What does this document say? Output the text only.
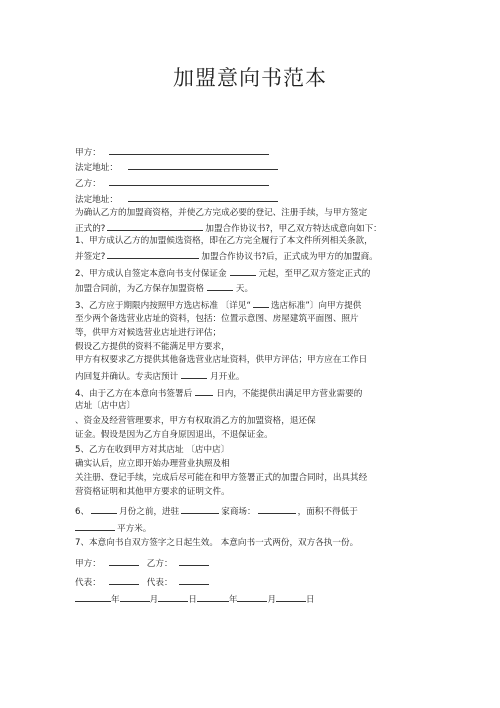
加盟意向书范本
甲方：
法定地址：
乙方：
法定地址：
为确认乙方的加盟商资格，并使乙方完成必要的登记、注册手续，与甲方签定
正式的?	加盟合作协议书?，甲乙双方特达成意向如下：
1、甲方成认乙方的加盟候选资格，即在乙方完全履行了本文件所列相关条款，
并签定?	加盟合作协议书?后，正式成为甲方的加盟商。
2、甲方成认自签定本意向书支付保证金	元起，至甲乙双方签定正式的
加盟合同前，为乙方保存加盟资格	天。
3、乙方应于期限内按照甲方选店标准 〔详见“ 选店标准”〕向甲方提供
至少两个备选营业店址的资料，包括：位置示意图、房屋建筑平面图、照片
等，供甲方对候选营业店址进行评估；
假设乙方提供的资料不能满足甲方要求，
甲方有权要求乙方提供其他备选营业店址资料，供甲方评估；甲方应在工作日
内回复并确认。专卖店预计	月开业。
4、由于乙方在本意向书签署后	日内，不能提供出满足甲方营业需要的
店址〔店中店〕
、资金及经营管理要求，甲方有权取消乙方的加盟资格，退还保
证金。假设是因为乙方自身原因退出，不退保证金。
5、乙方在收到甲方对其店址 〔店中店〕
确实认后，应立即开始办理营业执照及相
关注册、登记手续，完成后尽可能在和甲方签署正式的加盟合同时，出具其经
营资格证明和其他甲方要求的证明文件。
6、	月份之前，进驻	家商场：	，面积不得低于
平方米。
7、本意向书自双方签字之日起生效。 本意向书一式两份，双方各执一份。
甲方：	乙方：
代表：	代表：
年	月	日	年	月	日
